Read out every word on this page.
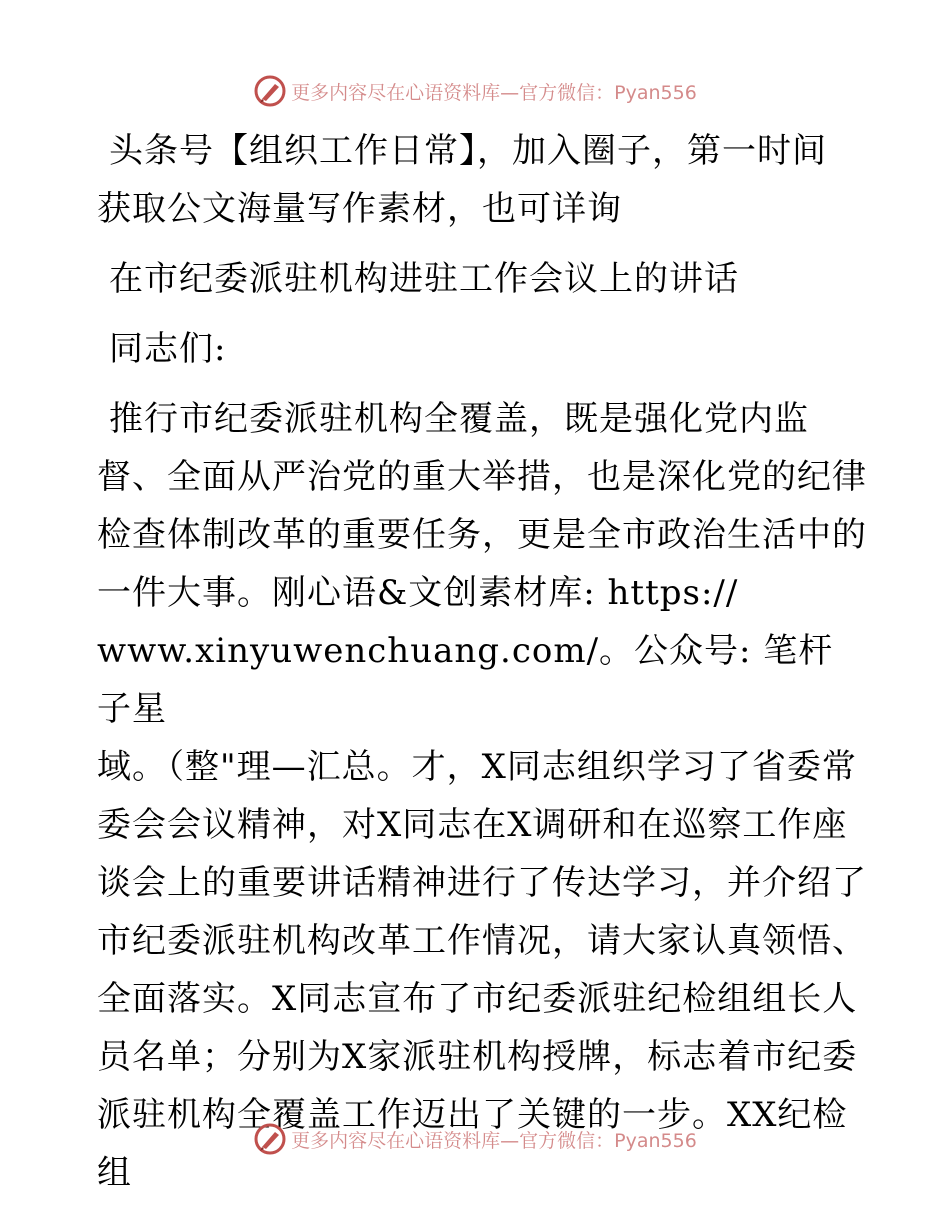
更多内容尽在心语资料库—官方微信：Pyan556

头条号【组织工作日常】，加入圈子，第一时间

获取公文海量写作素材，也可详询

在市纪委派驻机构进驻工作会议上的讲话

同志们:

推行市纪委派驻机构全覆盖，既是强化党内监

督、全面从严治党的重大举措，也是深化党的纪律

检查体制改革的重要任务，更是全市政治生活中的

一件大事。刚心语&文创素材库: https://

www.xinyuwenchuang.com/。公众号: 笔杆子星

域。（整"理—汇总。才，X同志组织学习了省委常

委会会议精神，对X同志在X调研和在巡察工作座

谈会上的重要讲话精神进行了传达学习，并介绍了

市纪委派驻机构改革工作情况，请大家认真领悟、

全面落实。X同志宣布了市纪委派驻纪检组组长人

员名单；分别为X家派驻机构授牌，标志着市纪委

派驻机构全覆盖工作迈出了关键的一步。XX纪检组

更多内容尽在心语资料库—官方微信：Pyan556
